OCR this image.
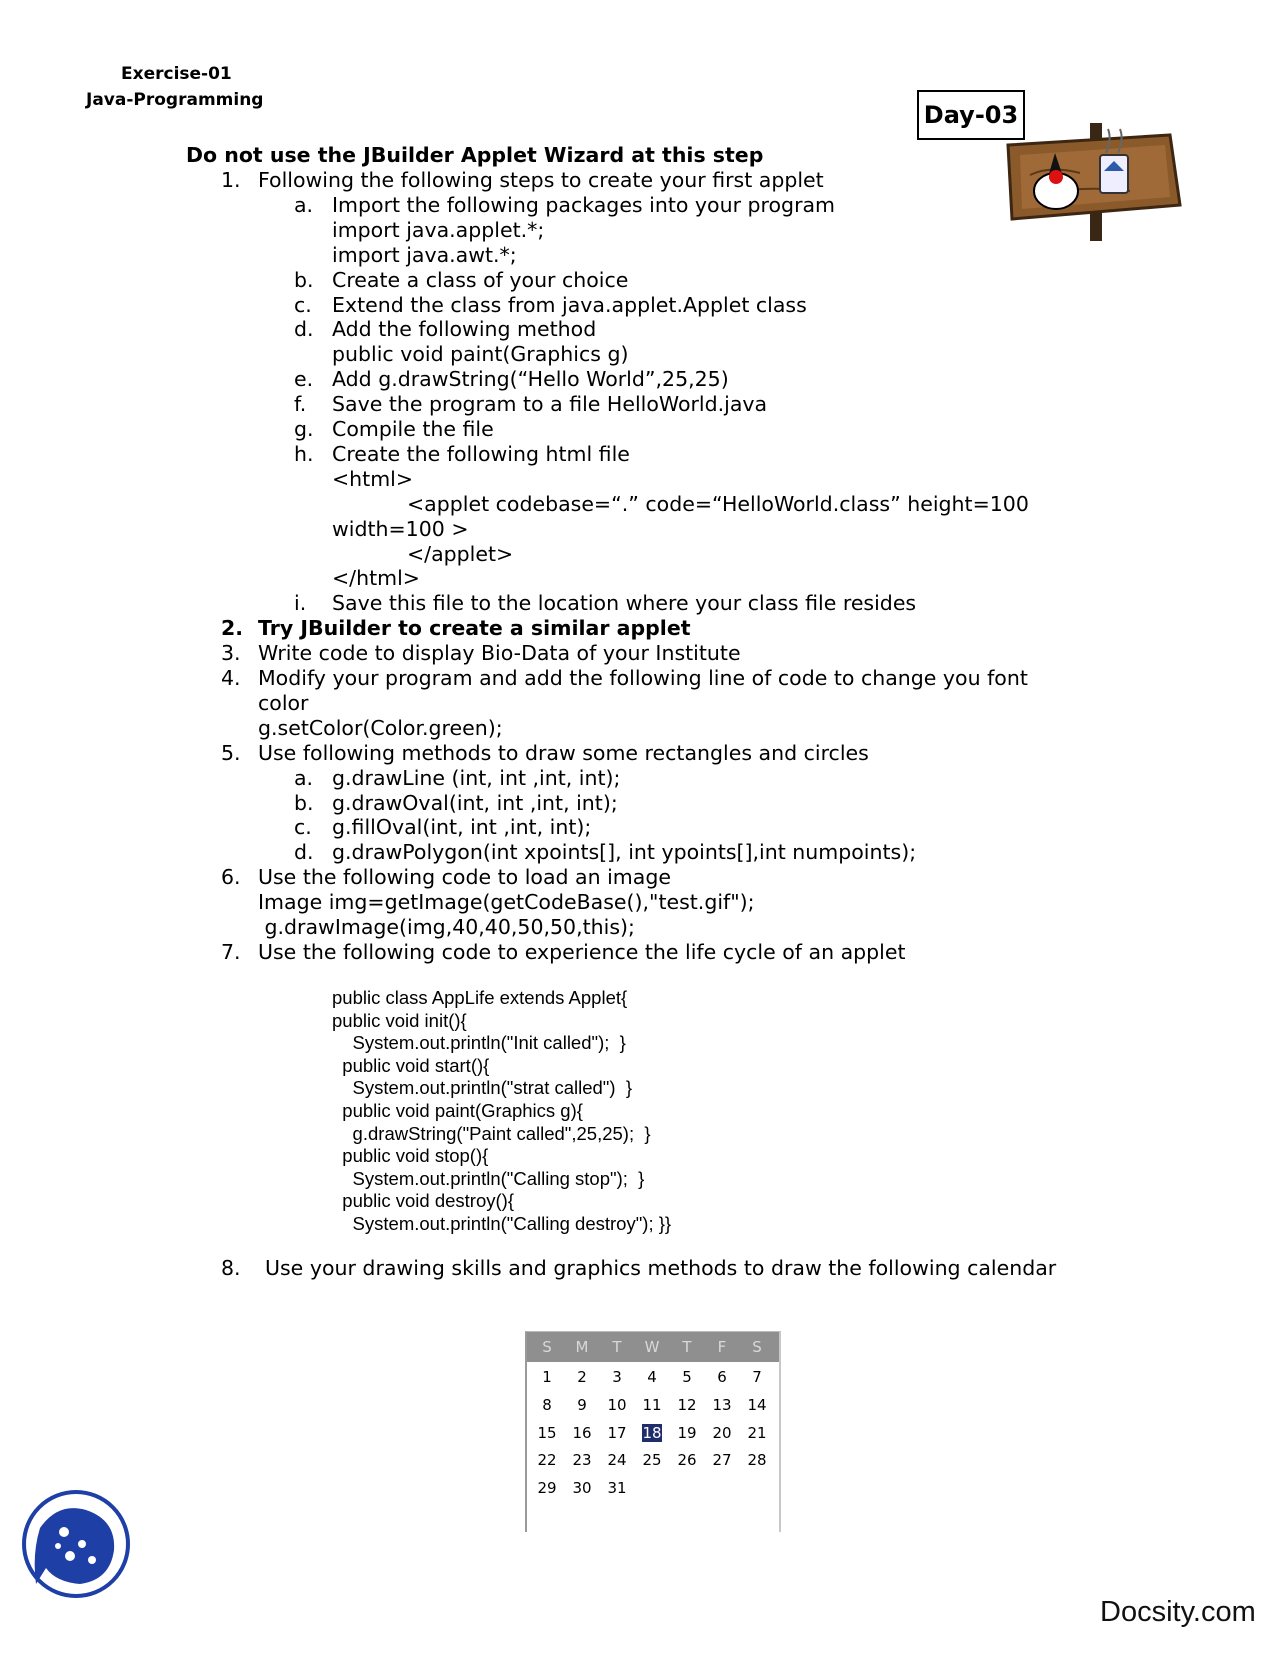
Exercise-01
Java-Programming
Day-03
Do not use the JBuilder Applet Wizard at this step
1. Following the following steps to create your first applet
a. Import the following packages into your program
import java.applet.*;
import java.awt.*;
b. Create a class of your choice
c. Extend the class from java.applet.Applet class
d. Add the following method
public void paint(Graphics g)
e. Add g.drawString(“Hello World”,25,25)
f. Save the program to a file HelloWorld.java
g. Compile the file
h. Create the following html file
<html>
<applet codebase=“.” code=“HelloWorld.class” height=100
width=100 >
</applet>
</html>
i. Save this file to the location where your class file resides
2. Try JBuilder to create a similar applet
3. Write code to display Bio-Data of your Institute
4. Modify your program and add the following line of code to change you font
color
g.setColor(Color.green);
5. Use following methods to draw some rectangles and circles
a. g.drawLine (int, int ,int, int);
b. g.drawOval(int, int ,int, int);
c. g.fillOval(int, int ,int, int);
d. g.drawPolygon(int xpoints[], int ypoints[],int numpoints);
6. Use the following code to load an image
Image img=getImage(getCodeBase(),"test.gif");
g.drawImage(img,40,40,50,50,this);
7. Use the following code to experience the life cycle of an applet
public class AppLife extends Applet{
public void init(){
System.out.println("Init called");  }
public void start(){
System.out.println("strat called")  }
public void paint(Graphics g){
g.drawString("Paint called",25,25);  }
public void stop(){
System.out.println("Calling stop");  }
public void destroy(){
System.out.println("Calling destroy"); }}
8. Use your drawing skills and graphics methods to draw the following calendar
S	M	T	W	T	F	S
1	2	3	4	5	6	7
8	9	10	11	12	13	14
15	16	17	18	19	20	21
22	23	24	25	26	27	28
29	30	31
Docsity.com
